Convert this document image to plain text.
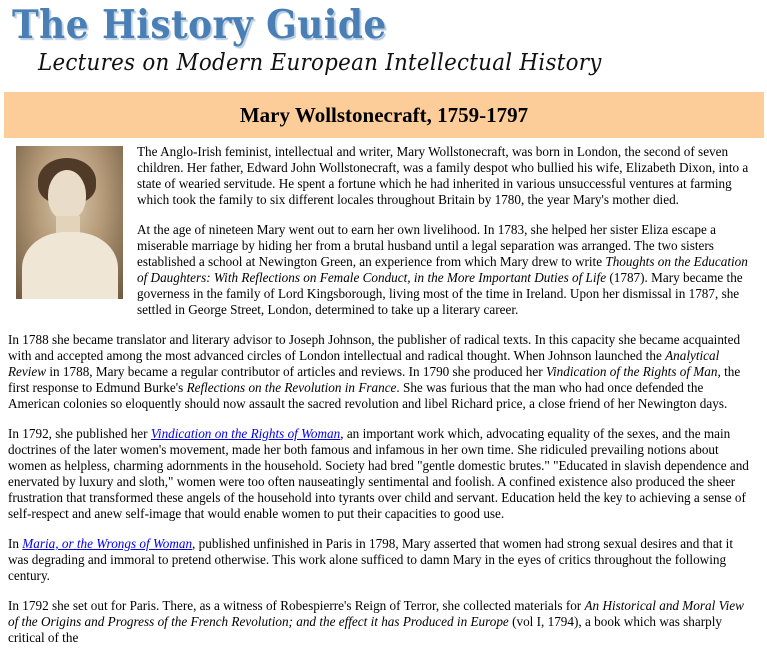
The History Guide
Lectures on Modern European Intellectual History
Mary Wollstonecraft, 1759-1797

The Anglo-Irish feminist, intellectual and writer, Mary Wollstonecraft, was born in London, the second of seven children. Her father, Edward John Wollstonecraft, was a family despot who bullied his wife, Elizabeth Dixon, into a state of wearied servitude. He spent a fortune which he had inherited in various unsuccessful ventures at farming which took the family to six different locales throughout Britain by 1780, the year Mary's mother died.

At the age of nineteen Mary went out to earn her own livelihood. In 1783, she helped her sister Eliza escape a miserable marriage by hiding her from a brutal husband until a legal separation was arranged. The two sisters established a school at Newington Green, an experience from which Mary drew to write Thoughts on the Education of Daughters: With Reflections on Female Conduct, in the More Important Duties of Life (1787). Mary became the governess in the family of Lord Kingsborough, living most of the time in Ireland. Upon her dismissal in 1787, she settled in George Street, London, determined to take up a literary career.

In 1788 she became translator and literary advisor to Joseph Johnson, the publisher of radical texts. In this capacity she became acquainted with and accepted among the most advanced circles of London intellectual and radical thought. When Johnson launched the Analytical Review in 1788, Mary became a regular contributor of articles and reviews. In 1790 she produced her Vindication of the Rights of Man, the first response to Edmund Burke's Reflections on the Revolution in France. She was furious that the man who had once defended the American colonies so eloquently should now assault the sacred revolution and libel Richard price, a close friend of her Newington days.

In 1792, she published her Vindication on the Rights of Woman, an important work which, advocating equality of the sexes, and the main doctrines of the later women's movement, made her both famous and infamous in her own time. She ridiculed prevailing notions about women as helpless, charming adornments in the household. Society had bred "gentle domestic brutes." "Educated in slavish dependence and enervated by luxury and sloth," women were too often nauseatingly sentimental and foolish. A confined existence also produced the sheer frustration that transformed these angels of the household into tyrants over child and servant. Education held the key to achieving a sense of self-respect and anew self-image that would enable women to put their capacities to good use.

In Maria, or the Wrongs of Woman, published unfinished in Paris in 1798, Mary asserted that women had strong sexual desires and that it was degrading and immoral to pretend otherwise. This work alone sufficed to damn Mary in the eyes of critics throughout the following century.

In 1792 she set out for Paris. There, as a witness of Robespierre's Reign of Terror, she collected materials for An Historical and Moral View of the Origins and Progress of the French Revolution; and the effect it has Produced in Europe (vol I, 1794), a book which was sharply critical of the
